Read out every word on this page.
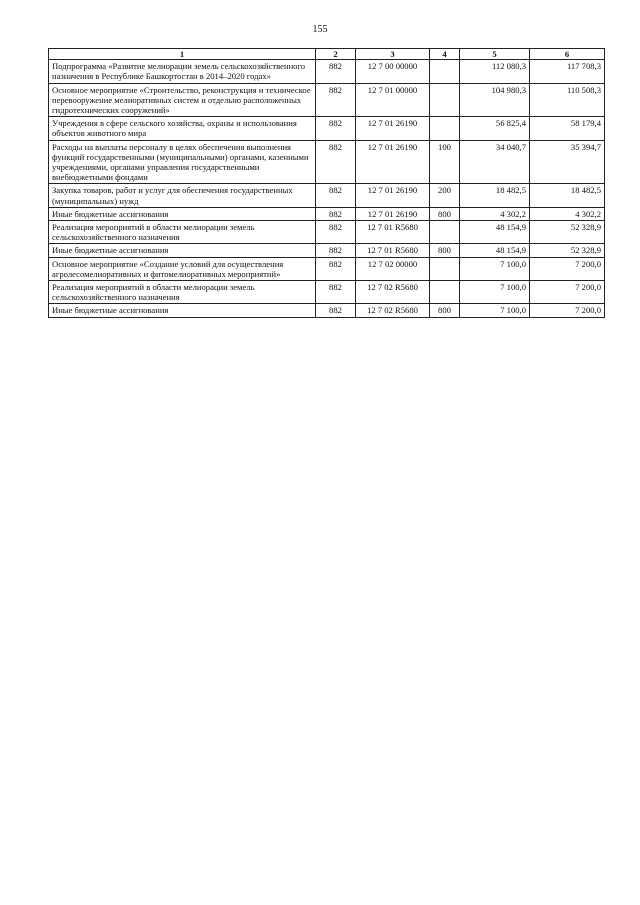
155
1	2	3	4	5	6
Подпрограмма «Развитие мелиорации земель сельскохозяйственного назначения в Республике Башкортостан в 2014–2020 годах»	882	12 7 00 00000		112 080,3	117 708,3
Основное мероприятие «Строительство, реконструкция и техническое перевооружение мелиоративных систем и отдельно расположенных гидротехнических сооружений»	882	12 7 01 00000		104 980,3	110 508,3
Учреждения в сфере сельского хозяйства, охраны и использования объектов животного мира	882	12 7 01 26190		56 825,4	58 179,4
Расходы на выплаты персоналу в целях обеспечения выполнения функций государственными (муниципальными) органами, казенными учреждениями, органами управления государственными внебюджетными фондами	882	12 7 01 26190	100	34 040,7	35 394,7
Закупка товаров, работ и услуг для обеспечения государственных (муниципальных) нужд	882	12 7 01 26190	200	18 482,5	18 482,5
Иные бюджетные ассигнования	882	12 7 01 26190	800	4 302,2	4 302,2
Реализация мероприятий в области мелиорации земель сельскохозяйственного назначения	882	12 7 01 R5680		48 154,9	52 328,9
Иные бюджетные ассигнования	882	12 7 01 R5680	800	48 154,9	52 328,9
Основное мероприятие «Создание условий для осуществления агролесомелиоративных и фитомелиоративных мероприятий»	882	12 7 02 00000		7 100,0	7 200,0
Реализация мероприятий в области мелиорации земель сельскохозяйственного назначения	882	12 7 02 R5680		7 100,0	7 200,0
Иные бюджетные ассигнования	882	12 7 02 R5680	800	7 100,0	7 200,0
